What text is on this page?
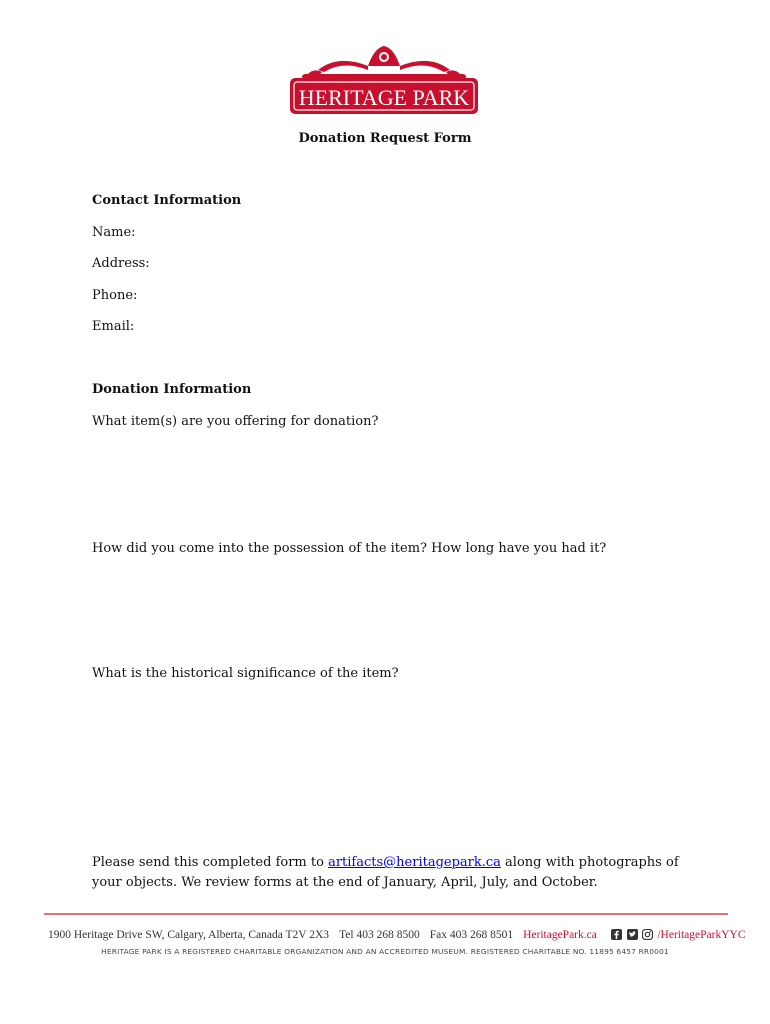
HERITAGE PARK
Donation Request Form
Contact Information
Name:
Address:
Phone:
Email:
Donation Information
What item(s) are you offering for donation?
How did you come into the possession of the item? How long have you had it?
What is the historical significance of the item?
Please send this completed form to artifacts@heritagepark.ca along with photographs of your objects. We review forms at the end of January, April, July, and October.
1900 Heritage Drive SW, Calgary, Alberta, Canada T2V 2X3 Tel 403 268 8500 Fax 403 268 8501 HeritagePark.ca	/HeritageParkYYC
HERITAGE PARK IS A REGISTERED CHARITABLE ORGANIZATION AND AN ACCREDITED MUSEUM. REGISTERED CHARITABLE NO. 11895 6457 RR0001
